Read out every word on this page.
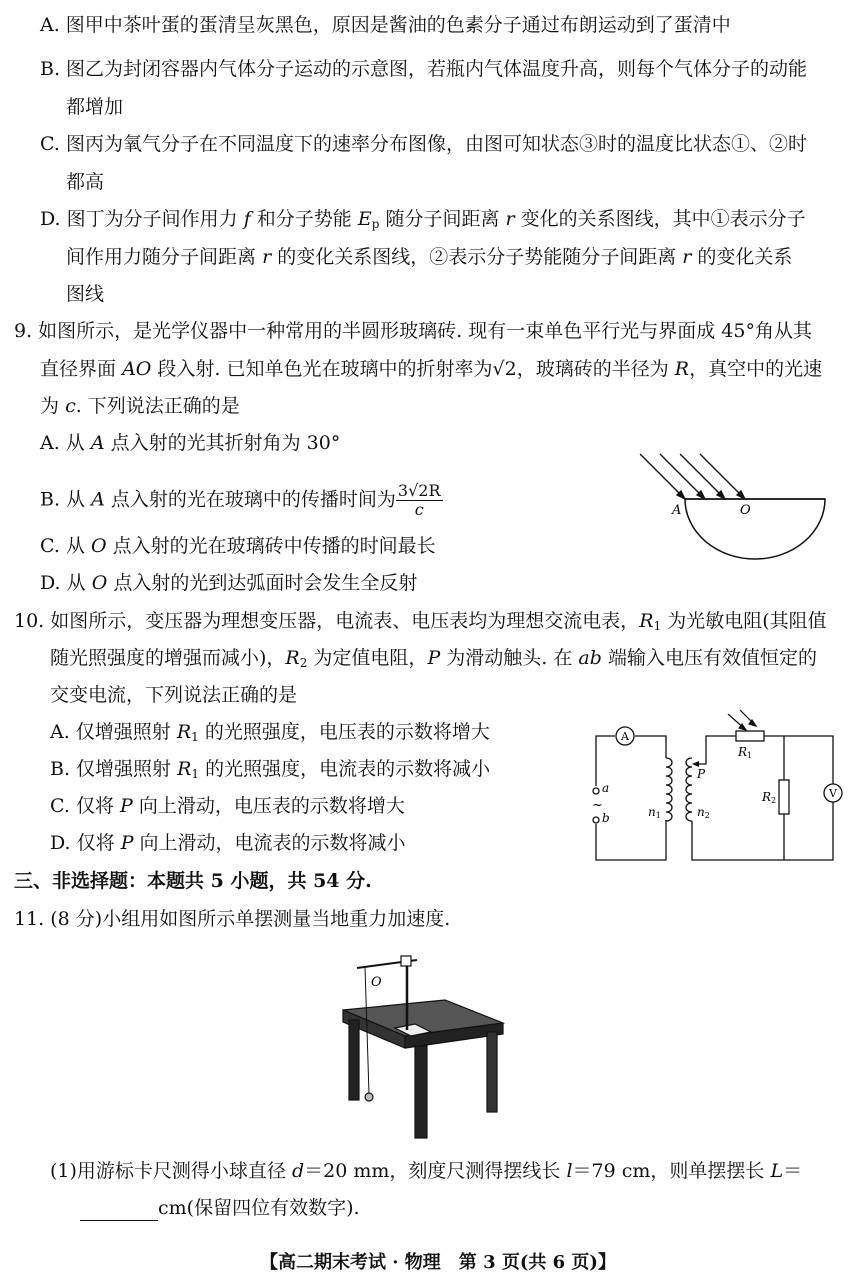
A. 图甲中茶叶蛋的蛋清呈灰黑色，原因是酱油的色素分子通过布朗运动到了蛋清中
B. 图乙为封闭容器内气体分子运动的示意图，若瓶内气体温度升高，则每个气体分子的动能
都增加
C. 图丙为氧气分子在不同温度下的速率分布图像，由图可知状态③时的温度比状态①、②时
都高
D. 图丁为分子间作用力 f 和分子势能 $E_p$ 随分子间距离 r 变化的关系图线，其中①表示分子
间作用力随分子间距离 r 的变化关系图线，②表示分子势能随分子间距离 r 的变化关系
图线
9. 如图所示，是光学仪器中一种常用的半圆形玻璃砖. 现有一束单色平行光与界面成 45°角从其
直径界面 AO 段入射. 已知单色光在玻璃中的折射率为√2，玻璃砖的半径为 R，真空中的光速
为 c. 下列说法正确的是
A. 从 A 点入射的光其折射角为 30°
B. 从 A 点入射的光在玻璃中的传播时间为 $\frac{3√2R}{c}$
C. 从 O 点入射的光在玻璃砖中传播的时间最长
D. 从 O 点入射的光到达弧面时会发生全反射
A	O
10. 如图所示，变压器为理想变压器，电流表、电压表均为理想交流电表，$R_1$ 为光敏电阻(其阻值
随光照强度的增强而减小)，$R_2$ 为定值电阻，P 为滑动触头. 在 ab 端输入电压有效值恒定的
交变电流，下列说法正确的是
A. 仅增强照射 $R_1$ 的光照强度，电压表的示数将增大
B. 仅增强照射 $R_1$ 的光照强度，电流表的示数将减小
C. 仅将 P 向上滑动，电压表的示数将增大
D. 仅将 P 向上滑动，电流表的示数将减小
A
V
a
~
b	n1	n2
P
R1
R2
三、非选择题：本题共 5 小题，共 54 分.
11. (8 分)小组用如图所示单摆测量当地重力加速度.
O
(1)用游标卡尺测得小球直径 d＝20 mm，刻度尺测得摆线长 l＝79 cm，则单摆摆长 L＝
cm(保留四位有效数字).
【高二期末考试 · 物理　第 3 页(共 6 页)】
